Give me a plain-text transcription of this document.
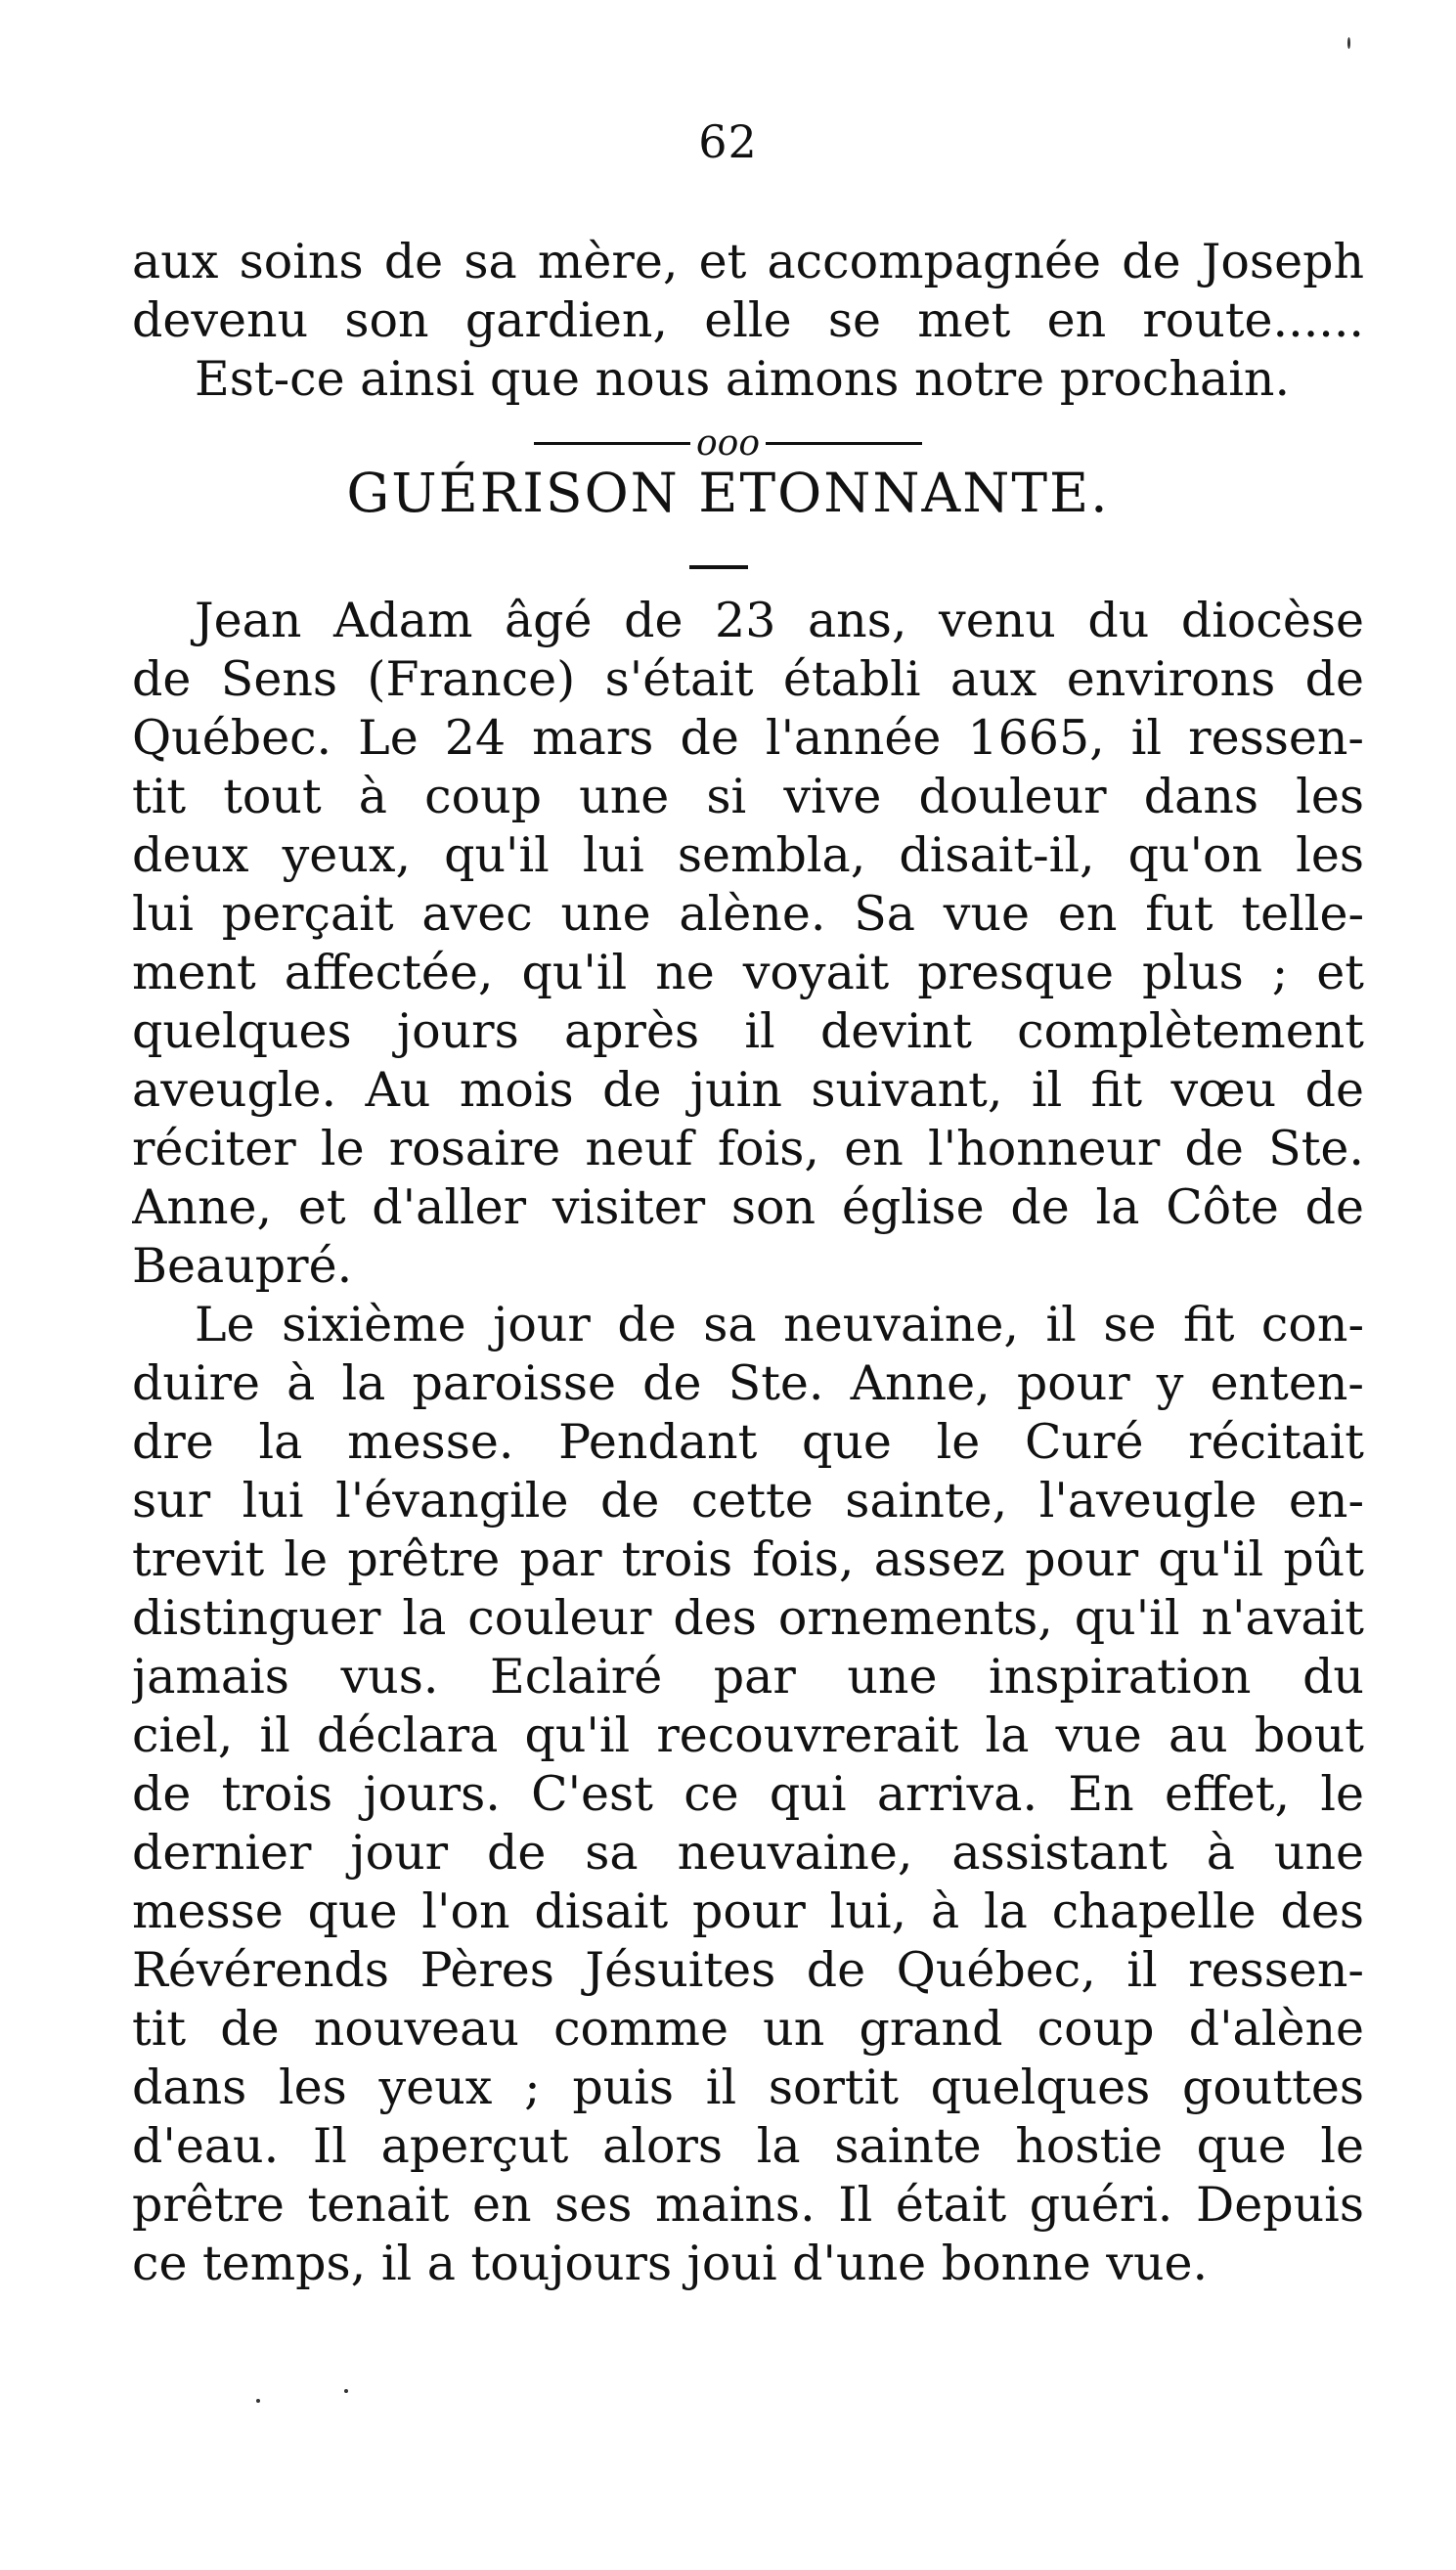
62
aux soins de sa mère, et accompagnée de Joseph
devenu son gardien, elle se met en route......
Est-ce ainsi que nous aimons notre prochain.
ooo
GUÉRISON ETONNANTE.
Jean Adam âgé de 23 ans, venu du diocèse
de Sens (France) s'était établi aux environs de
Québec. Le 24 mars de l'année 1665, il ressen-
tit tout à coup une si vive douleur dans les
deux yeux, qu'il lui sembla, disait-il, qu'on les
lui perçait avec une alène. Sa vue en fut telle-
ment affectée, qu'il ne voyait presque plus ; et
quelques jours après il devint complètement
aveugle. Au mois de juin suivant, il fit vœu de
réciter le rosaire neuf fois, en l'honneur de Ste.
Anne, et d'aller visiter son église de la Côte de
Beaupré.
Le sixième jour de sa neuvaine, il se fit con-
duire à la paroisse de Ste. Anne, pour y enten-
dre la messe. Pendant que le Curé récitait
sur lui l'évangile de cette sainte, l'aveugle en-
trevit le prêtre par trois fois, assez pour qu'il pût
distinguer la couleur des ornements, qu'il n'avait
jamais vus. Eclairé par une inspiration du
ciel, il déclara qu'il recouvrerait la vue au bout
de trois jours. C'est ce qui arriva. En effet, le
dernier jour de sa neuvaine, assistant à une
messe que l'on disait pour lui, à la chapelle des
Révérends Pères Jésuites de Québec, il ressen-
tit de nouveau comme un grand coup d'alène
dans les yeux ; puis il sortit quelques gouttes
d'eau. Il aperçut alors la sainte hostie que le
prêtre tenait en ses mains. Il était guéri. Depuis
ce temps, il a toujours joui d'une bonne vue.
